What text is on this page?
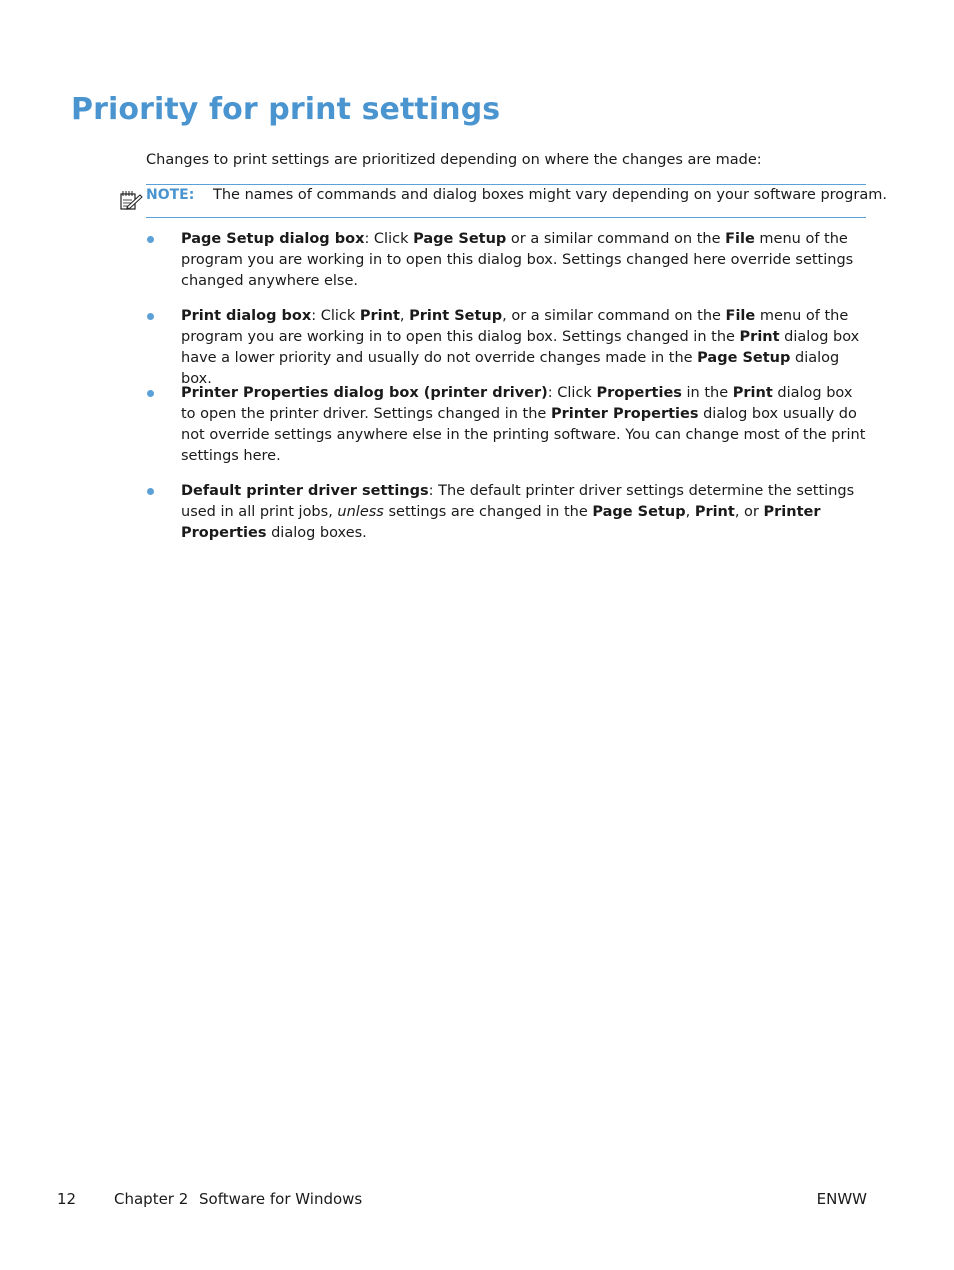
Priority for print settings

Changes to print settings are prioritized depending on where the changes are made:

NOTE: The names of commands and dialog boxes might vary depending on your software program.
Page Setup dialog box: Click Page Setup or a similar command on the File menu of the program you are working in to open this dialog box. Settings changed here override settings changed anywhere else.
Print dialog box: Click Print, Print Setup, or a similar command on the File menu of the program you are working in to open this dialog box. Settings changed in the Print dialog box have a lower priority and usually do not override changes made in the Page Setup dialog box.
Printer Properties dialog box (printer driver): Click Properties in the Print dialog box to open the printer driver. Settings changed in the Printer Properties dialog box usually do not override settings anywhere else in the printing software. You can change most of the print settings here.
Default printer driver settings: The default printer driver settings determine the settings used in all print jobs, unless settings are changed in the Page Setup, Print, or Printer Properties dialog boxes.
12	Chapter 2 Software for Windows	ENWW
